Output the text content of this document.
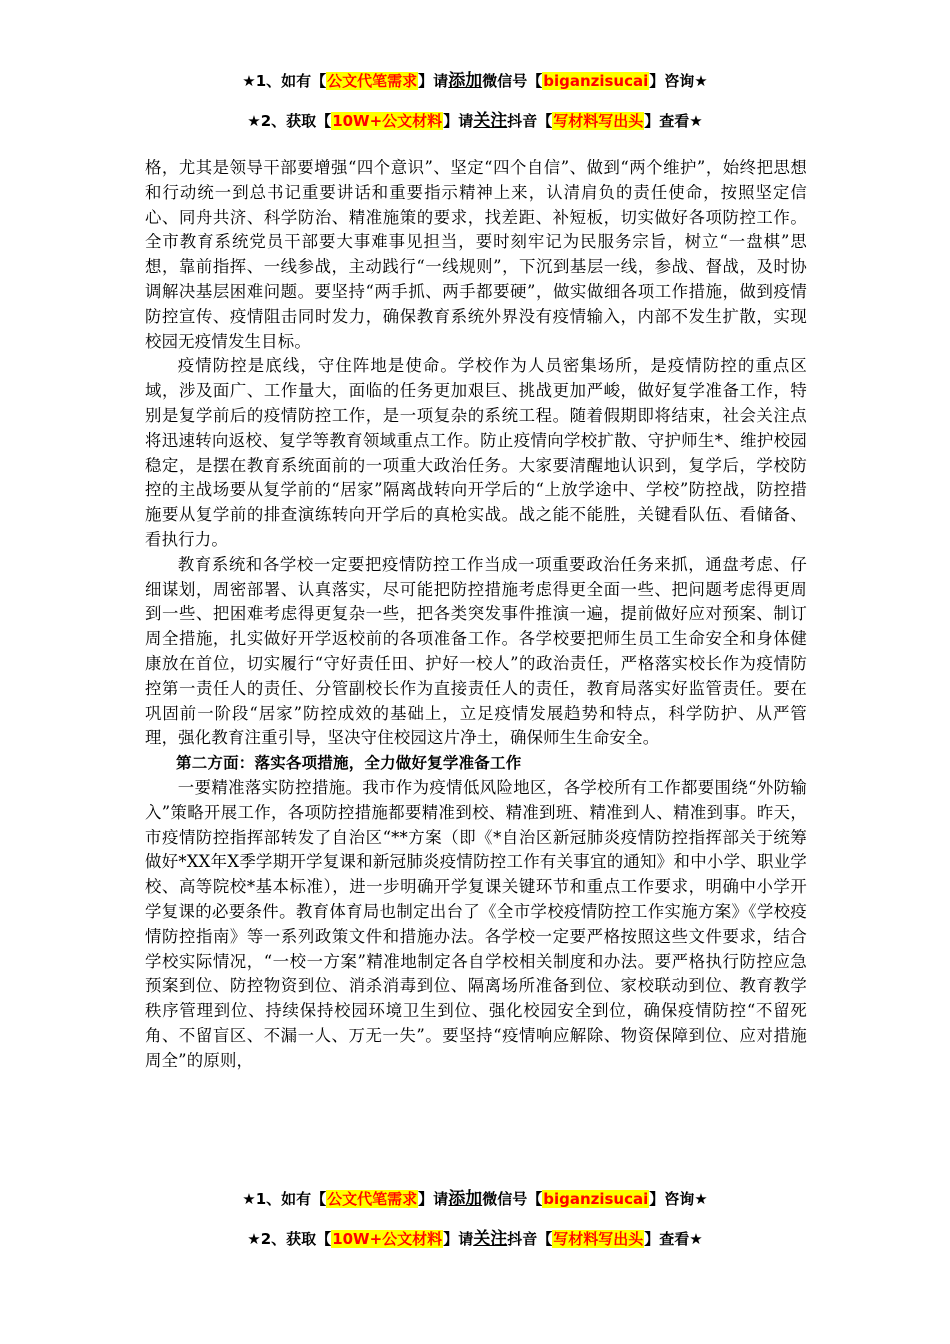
★1、如有【公文代笔需求】请添加微信号【biganzisucai】咨询★
★2、获取【10W+公文材料】请关注抖音【写材料写出头】查看★

格，尤其是领导干部要增强“四个意识”、坚定“四个自信”、做到“两个维护”，始终把思想和行动统一到总书记重要讲话和重要指示精神上来，认清肩负的责任使命，按照坚定信心、同舟共济、科学防治、精准施策的要求，找差距、补短板，切实做好各项防控工作。全市教育系统党员干部要大事难事见担当，要时刻牢记为民服务宗旨，树立“一盘棋”思想，靠前指挥、一线参战，主动践行“一线规则”，下沉到基层一线，参战、督战，及时协调解决基层困难问题。要坚持“两手抓、两手都要硬”，做实做细各项工作措施，做到疫情防控宣传、疫情阻击同时发力，确保教育系统外界没有疫情输入，内部不发生扩散，实现校园无疫情发生目标。

疫情防控是底线，守住阵地是使命。学校作为人员密集场所，是疫情防控的重点区域，涉及面广、工作量大，面临的任务更加艰巨、挑战更加严峻，做好复学准备工作，特别是复学前后的疫情防控工作，是一项复杂的系统工程。随着假期即将结束，社会关注点将迅速转向返校、复学等教育领域重点工作。防止疫情向学校扩散、守护师生*、维护校园稳定，是摆在教育系统面前的一项重大政治任务。大家要清醒地认识到，复学后，学校防控的主战场要从复学前的“居家”隔离战转向开学后的“上放学途中、学校”防控战，防控措施要从复学前的排查演练转向开学后的真枪实战。战之能不能胜，关键看队伍、看储备、看执行力。

教育系统和各学校一定要把疫情防控工作当成一项重要政治任务来抓，通盘考虑、仔细谋划，周密部署、认真落实，尽可能把防控措施考虑得更全面一些、把问题考虑得更周到一些、把困难考虑得更复杂一些，把各类突发事件推演一遍，提前做好应对预案、制订周全措施，扎实做好开学返校前的各项准备工作。各学校要把师生员工生命安全和身体健康放在首位，切实履行“守好责任田、护好一校人”的政治责任，严格落实校长作为疫情防控第一责任人的责任、分管副校长作为直接责任人的责任，教育局落实好监管责任。要在巩固前一阶段“居家”防控成效的基础上，立足疫情发展趋势和特点，科学防护、从严管理，强化教育注重引导，坚决守住校园这片净土，确保师生生命安全。

第二方面：落实各项措施，全力做好复学准备工作

一要精准落实防控措施。我市作为疫情低风险地区，各学校所有工作都要围绕“外防输入”策略开展工作，各项防控措施都要精准到校、精准到班、精准到人、精准到事。昨天，市疫情防控指挥部转发了自治区“**方案（即《*自治区新冠肺炎疫情防控指挥部关于统筹做好*XX年X季学期开学复课和新冠肺炎疫情防控工作有关事宜的通知》和中小学、职业学校、高等院校*基本标准），进一步明确开学复课关键环节和重点工作要求，明确中小学开学复课的必要条件。教育体育局也制定出台了《全市学校疫情防控工作实施方案》《学校疫情防控指南》等一系列政策文件和措施办法。各学校一定要严格按照这些文件要求，结合学校实际情况，“一校一方案”精准地制定各自学校相关制度和办法。要严格执行防控应急预案到位、防控物资到位、消杀消毒到位、隔离场所准备到位、家校联动到位、教育教学秩序管理到位、持续保持校园环境卫生到位、强化校园安全到位，确保疫情防控“不留死角、不留盲区、不漏一人、万无一失”。要坚持“疫情响应解除、物资保障到位、应对措施周全”的原则，

★1、如有【公文代笔需求】请添加微信号【biganzisucai】咨询★
★2、获取【10W+公文材料】请关注抖音【写材料写出头】查看★
